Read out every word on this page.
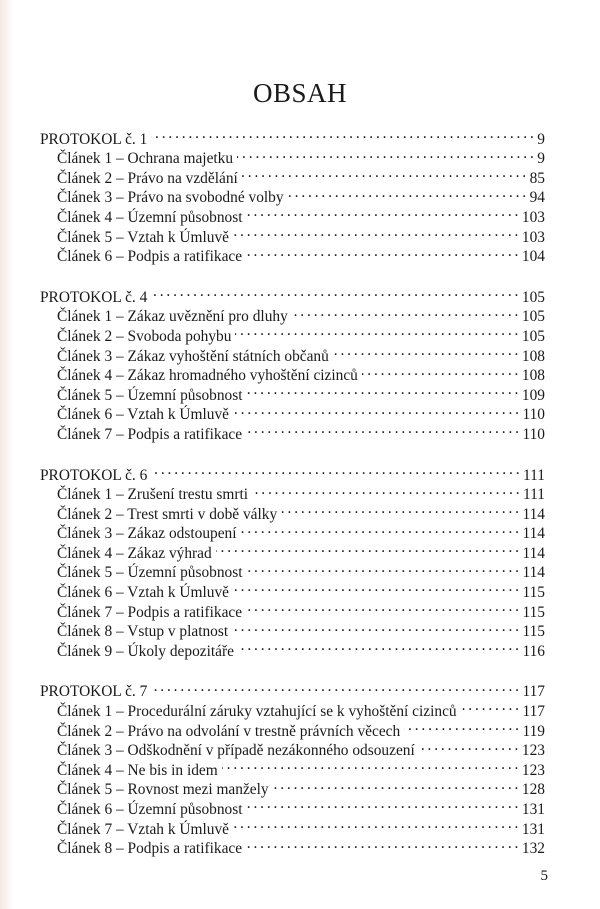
OBSAH
PROTOKOL č. 1 . . .	9
Článek 1 – Ochrana majetku . . .	9
Článek 2 – Právo na vzdělání . . .	85
Článek 3 – Právo na svobodné volby . . .	94
Článek 4 – Územní působnost . . .	103
Článek 5 – Vztah k Úmluvě . . .	103
Článek 6 – Podpis a ratifikace . . .	104
PROTOKOL č. 4 . . .	105
Článek 1 – Zákaz uvěznění pro dluhy . . .	105
Článek 2 – Svoboda pohybu . . .	105
Článek 3 – Zákaz vyhoštění státních občanů . . .	108
Článek 4 – Zákaz hromadného vyhoštění cizinců . . .	108
Článek 5 – Územní působnost . . .	109
Článek 6 – Vztah k Úmluvě . . .	110
Článek 7 – Podpis a ratifikace . . .	110
PROTOKOL č. 6 . . .	111
Článek 1 – Zrušení trestu smrti . . .	111
Článek 2 – Trest smrti v době války . . .	114
Článek 3 – Zákaz odstoupení . . .	114
Článek 4 – Zákaz výhrad . . .	114
Článek 5 – Územní působnost . . .	114
Článek 6 – Vztah k Úmluvě . . .	115
Článek 7 – Podpis a ratifikace . . .	115
Článek 8 – Vstup v platnost . . .	115
Článek 9 – Úkoly depozitáře . . .	116
PROTOKOL č. 7 . . .	117
Článek 1 – Procedurální záruky vztahující se k vyhoštění cizinců . . .	117
Článek 2 – Právo na odvolání v trestně právních věcech . . .	119
Článek 3 – Odškodnění v případě nezákonného odsouzení . . .	123
Článek 4 – Ne bis in idem . . .	123
Článek 5 – Rovnost mezi manžely . . .	128
Článek 6 – Územní působnost . . .	131
Článek 7 – Vztah k Úmluvě . . .	131
Článek 8 – Podpis a ratifikace . . .	132
5
